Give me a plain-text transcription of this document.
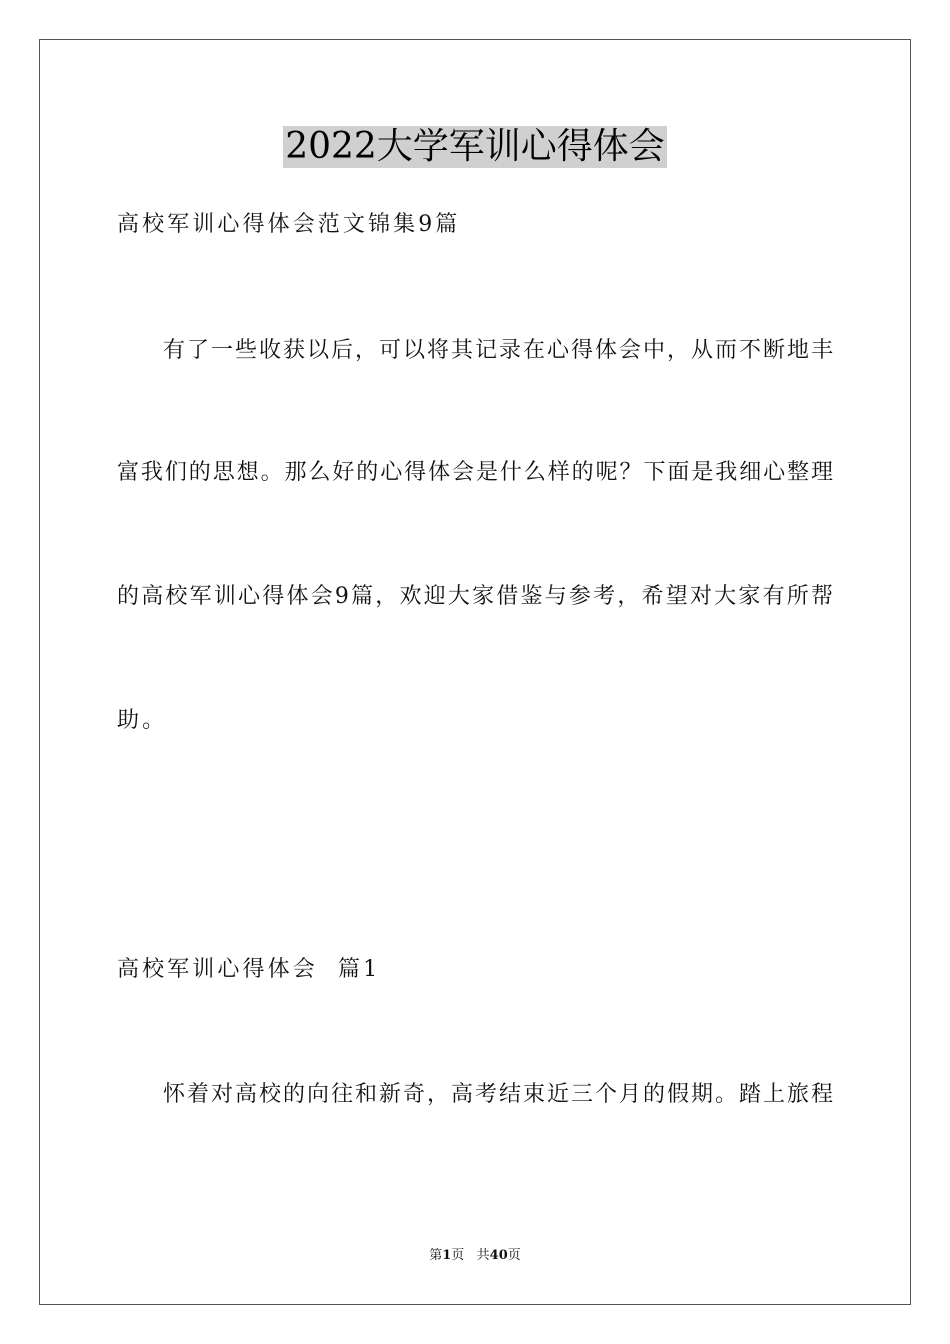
2022大学军训心得体会
高校军训心得体会范文锦集9篇
有了一些收获以后，可以将其记录在心得体会中，从而不断地丰
富我们的思想。那么好的心得体会是什么样的呢？下面是我细心整理
的高校军训心得体会9篇，欢迎大家借鉴与参考，希望对大家有所帮
助。
高校军训心得体会  篇1
怀着对高校的向往和新奇，高考结束近三个月的假期。踏上旅程
第1页   共40页
